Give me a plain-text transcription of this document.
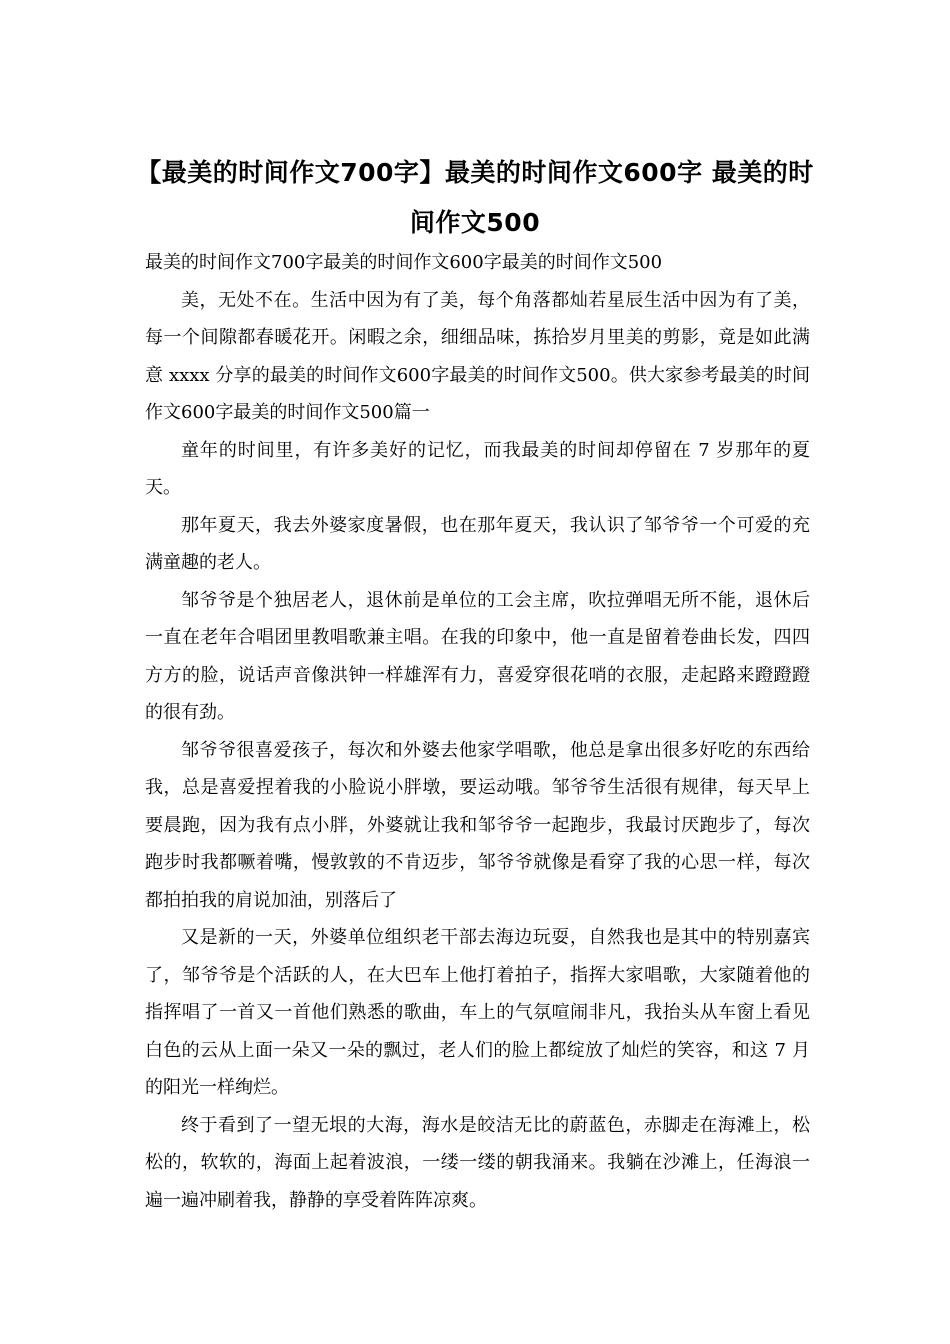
【最美的时间作文700字】最美的时间作文600字 最美的时间作文500

最美的时间作文700字最美的时间作文600字最美的时间作文500

美，无处不在。生活中因为有了美，每个角落都灿若星辰生活中因为有了美，每一个间隙都春暖花开。闲暇之余，细细品味，拣拾岁月里美的剪影，竟是如此满意 xxxx 分享的最美的时间作文600字最美的时间作文500。供大家参考最美的时间作文600字最美的时间作文500篇一

童年的时间里，有许多美好的记忆，而我最美的时间却停留在 7 岁那年的夏天。

那年夏天，我去外婆家度暑假，也在那年夏天，我认识了邹爷爷一个可爱的充满童趣的老人。

邹爷爷是个独居老人，退休前是单位的工会主席，吹拉弹唱无所不能，退休后一直在老年合唱团里教唱歌兼主唱。在我的印象中，他一直是留着卷曲长发，四四方方的脸，说话声音像洪钟一样雄浑有力，喜爱穿很花哨的衣服，走起路来蹬蹬蹬的很有劲。

邹爷爷很喜爱孩子，每次和外婆去他家学唱歌，他总是拿出很多好吃的东西给我，总是喜爱捏着我的小脸说小胖墩，要运动哦。邹爷爷生活很有规律，每天早上要晨跑，因为我有点小胖，外婆就让我和邹爷爷一起跑步，我最讨厌跑步了，每次跑步时我都噘着嘴，慢敦敦的不肯迈步，邹爷爷就像是看穿了我的心思一样，每次都拍拍我的肩说加油，别落后了

又是新的一天，外婆单位组织老干部去海边玩耍，自然我也是其中的特别嘉宾了，邹爷爷是个活跃的人，在大巴车上他打着拍子，指挥大家唱歌，大家随着他的指挥唱了一首又一首他们熟悉的歌曲，车上的气氛喧闹非凡，我抬头从车窗上看见白色的云从上面一朵又一朵的飘过，老人们的脸上都绽放了灿烂的笑容，和这 7 月的阳光一样绚烂。

终于看到了一望无垠的大海，海水是皎洁无比的蔚蓝色，赤脚走在海滩上，松松的，软软的，海面上起着波浪，一缕一缕的朝我涌来。我躺在沙滩上，任海浪一遍一遍冲刷着我，静静的享受着阵阵凉爽。
